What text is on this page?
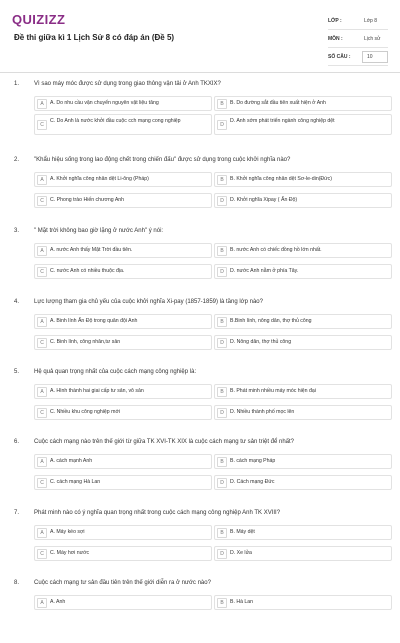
QUIZIZZ
Đề thi giữa kì 1 Lịch Sử 8 có đáp án (Đề 5)
LỚP :	Lớp 8
MÔN :	Lịch sử
SỐ CÂU :	10
1. Vì sao máy móc được sử dụng trong giao thông vận tải ở Anh TKXIX?
A	A. Do nhu cầu vận chuyển nguyên vật liệu tăng	B	B. Do đường sắt đầu tiên xuất hiện ở Anh
C
C. Do Anh là nước khởi đầu cuộc cch mạng cong nghiệp
D
D. Anh sớm phát triển ngành công nghiệp dệt
2. "Khẩu hiệu sống trong lao động chết trong chiến đấu" được sử dụng trong cuộc khởi nghĩa nào?
A	A. Khởi nghĩa công nhân dệt Li-ông (Pháp)	B	B. Khởi nghĩa công nhân dệt Sơ-le-din(Đức)
C	C. Phong trào Hiến chương Anh	D	D. Khởi nghĩa Xipay ( Ấn Độ)
3. " Mặt trời không bao giờ lặng ở nước Anh" ý nói:
A	A. nước Anh thấy Mặt Trời đầu tiên.	B	B. nước Anh có chiếc đồng hồ lớn nhất.
C	C. nước Anh có nhiều thuộc địa.	D	D. nước Anh nằm ở phía Tây.
4. Lực lượng tham gia chủ yếu của cuộc khởi nghĩa Xi-pay (1857-1859) là tầng lớp nào?
A	A. Binh lính Ấn Độ trong quân đội Anh	B	B.Binh lính, nông dân, thợ thủ công
C	C. Binh lính, công nhân,tư sản	D	D. Nông dân, thợ thủ công
5. Hệ quả quan trọng nhất của cuộc cách mạng công nghiệp là:
A	A. Hình thành hai giai cấp tư sản, vô sản	B	B. Phát minh nhiều máy móc hiện đại
C	C. Nhiều khu công nghiệp mới	D	D. Nhiều thành phố mọc lên
6. Cuộc cách mạng nào trên thế giới từ giữa TK XVI-TK XIX là cuộc cách mạng tư sản triệt để nhất?
A	A. cách mạnh Anh	B	B. cách mạng Pháp
C	C. cách mạng Hà Lan	D	D. Cách mạng Đức
7. Phát minh nào có ý nghĩa quan trọng nhất trong cuộc cách mạng công nghiệp Anh TK XVIII?
A	A. Máy kéo sợi	B	B. Máy dệt
C	C. Máy hơi nước	D	D. Xe lửa
8. Cuộc cách mạng tư sản đầu tiên trên thế giới diễn ra ở nước nào?
A	A. Anh	B	B. Hà Lan
